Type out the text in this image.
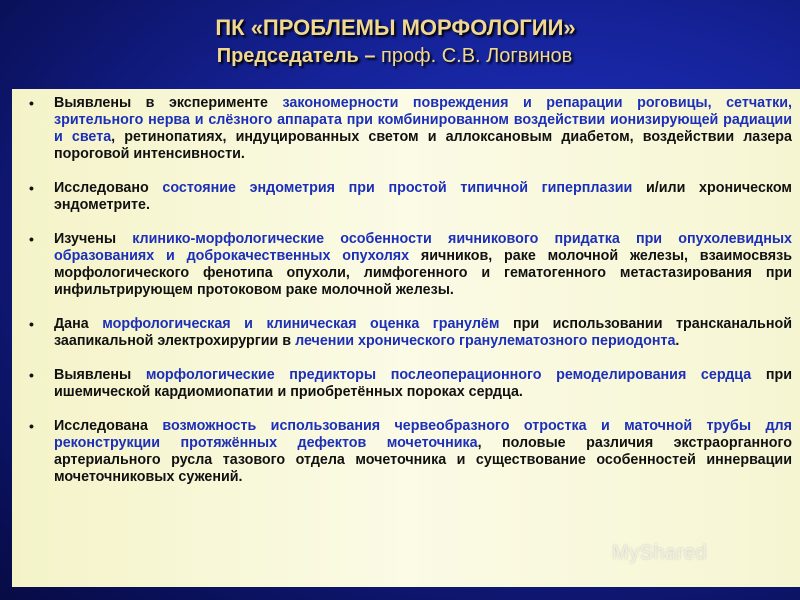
ПК «ПРОБЛЕМЫ МОРФОЛОГИИ»
Председатель – проф. С.В. Логвинов
• Выявлены в эксперименте закономерности повреждения и репарации роговицы, сетчатки, зрительного нерва и слёзного аппарата при комбинированном воздействии ионизирующей радиации и света, ретинопатиях, индуцированных светом и аллоксановым диабетом, воздействии лазера пороговой интенсивности.
• Исследовано состояние эндометрия при простой типичной гиперплазии и/или хроническом эндометрите.
• Изучены клинико-морфологические особенности яичникового придатка при опухолевидных образованиях и доброкачественных опухолях яичников, раке молочной железы, взаимосвязь морфологического фенотипа опухоли, лимфогенного и гематогенного метастазирования при инфильтрирующем протоковом раке молочной железы.
• Дана морфологическая и клиническая оценка гранулём при использовании трансканальной заапикальной электрохирургии в лечении хронического гранулематозного периодонта.
• Выявлены морфологические предикторы послеоперационного ремоделирования сердца при ишемической кардиомиопатии и приобретённых пороках сердца.
• Исследована возможность использования червеобразного отростка и маточной трубы для реконструкции протяжённых дефектов мочеточника, половые различия экстраорганного артериального русла тазового отдела мочеточника и существование особенностей иннервации мочеточниковых сужений.
MyShared
